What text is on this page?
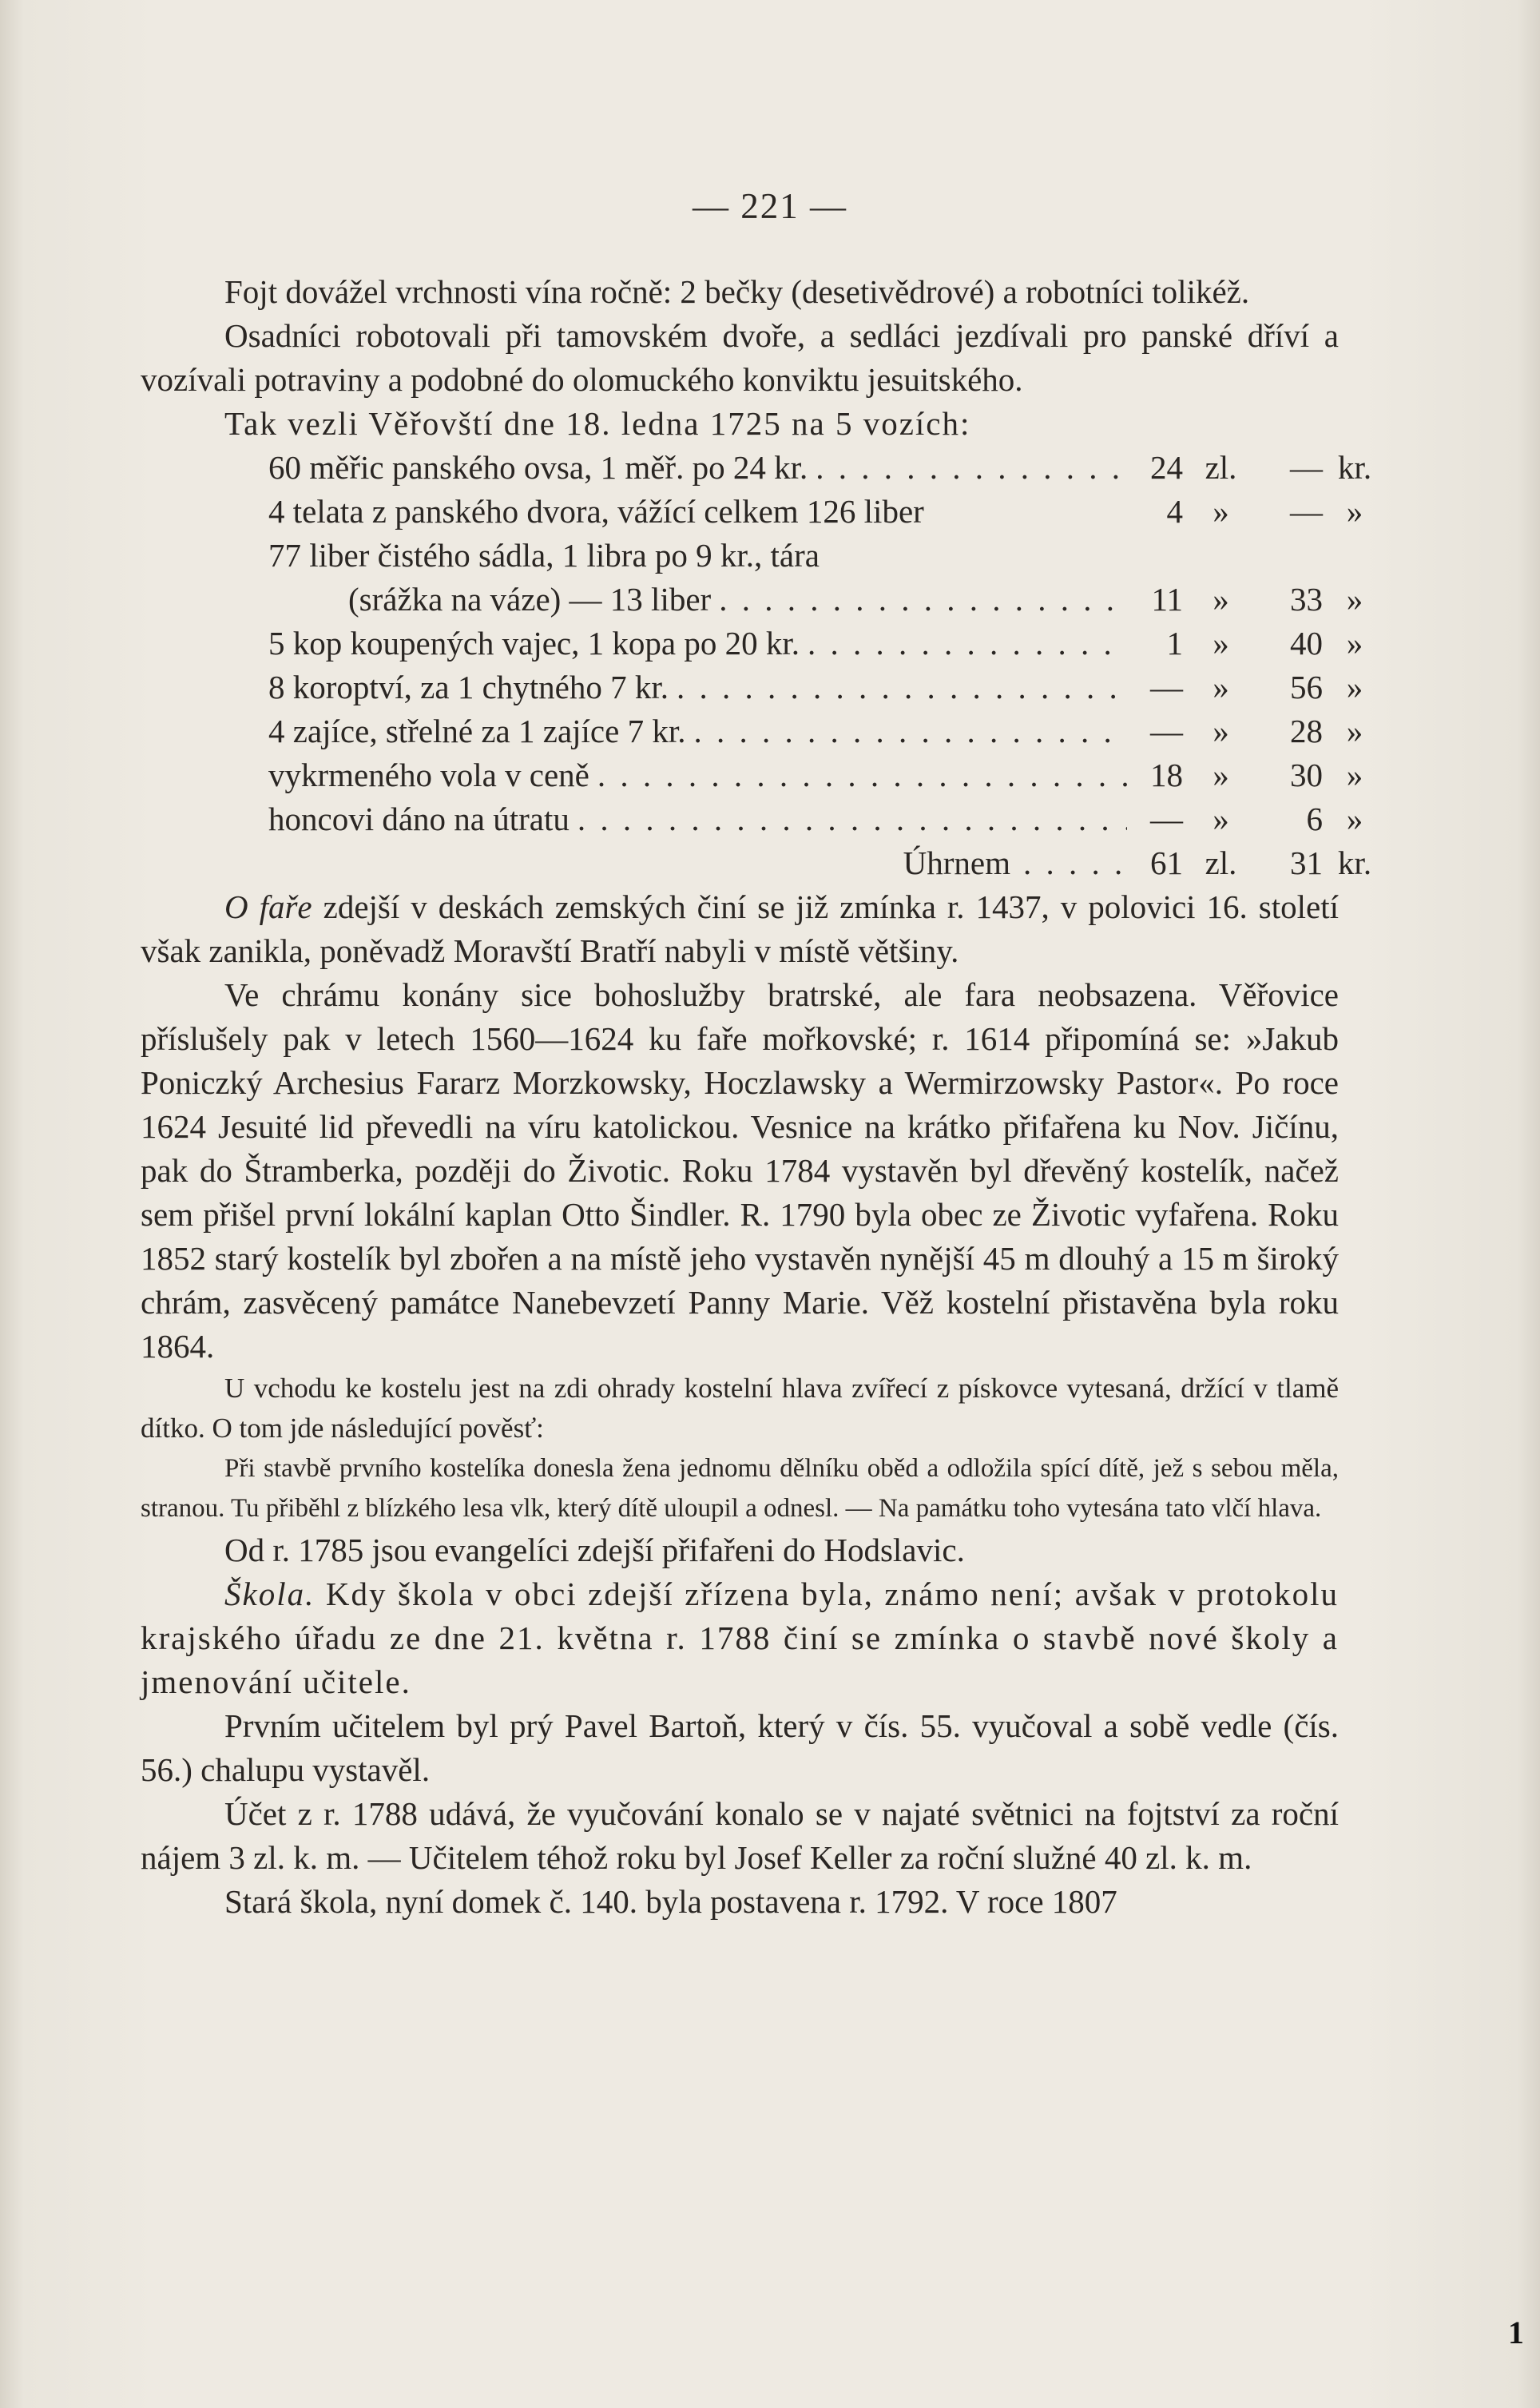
— 221 —

Fojt dovážel vrchnosti vína ročně: 2 bečky (desetivědrové) a robotníci tolikéž.

Osadníci robotovali při tamovském dvoře, a sedláci jezdívali pro panské dříví a vozívali potraviny a podobné do olomuckého konviktu jesuitského.

Tak vezli Věřovští dne 18. ledna 1725 na 5 vozích:

60 měřic panského ovsa, 1 měř. po 24 kr. . . .	24 zl.	— kr.
4 telata z panského dvora, vážící celkem 126 liber	4 »	— »
77 liber čistého sádla, 1 libra po 9 kr., tára
(srážka na váze) — 13 liber . . .	11 »	33 »
5 kop koupených vajec, 1 kopa po 20 kr. . . .	1 »	40 »
8 koroptví, za 1 chytného 7 kr. . . .	— »	56 »
4 zajíce, střelné za 1 zajíce 7 kr. . . .	— »	28 »
vykrmeného vola v ceně . . .	18 »	30 »
honcovi dáno na útratu . . .	— »	6 »
Úhrnem . . .	61 zl.	31 kr.

O faře zdejší v deskách zemských činí se již zmínka r. 1437, v polovici 16. století však zanikla, poněvadž Moravští Bratří nabyli v místě většiny.

Ve chrámu konány sice bohoslužby bratrské, ale fara neobsazena. Věřovice příslušely pak v letech 1560—1624 ku faře mořkovské; r. 1614 připomíná se: »Jakub Poniczký Archesius Fararz Morzkowsky, Hoczlawsky a Wermirzowsky Pastor«. Po roce 1624 Jesuité lid převedli na víru katolickou. Vesnice na krátko přifařena ku Nov. Jičínu, pak do Štramberka, později do Životic. Roku 1784 vystavěn byl dřevěný kostelík, načež sem přišel první lokální kaplan Otto Šindler. R. 1790 byla obec ze Životic vyfařena. Roku 1852 starý kostelík byl zbořen a na místě jeho vystavěn nynější 45 m dlouhý a 15 m široký chrám, zasvěcený památce Nanebevzetí Panny Marie. Věž kostelní přistavěna byla roku 1864.

U vchodu ke kostelu jest na zdi ohrady kostelní hlava zvířecí z pískovce vytesaná, držící v tlamě dítko. O tom jde následující pověsť:

Při stavbě prvního kostelíka donesla žena jednomu dělníku oběd a odložila spící dítě, jež s sebou měla, stranou. Tu přiběhl z blízkého lesa vlk, který dítě uloupil a odnesl. — Na památku toho vytesána tato vlčí hlava.

Od r. 1785 jsou evangelíci zdejší přifařeni do Hodslavic.

Škola. Kdy škola v obci zdejší zřízena byla, známo není; avšak v protokolu krajského úřadu ze dne 21. května r. 1788 činí se zmínka o stavbě nové školy a jmenování učitele.

Prvním učitelem byl prý Pavel Bartoň, který v čís. 55. vyučoval a sobě vedle (čís. 56.) chalupu vystavěl.

Účet z r. 1788 udává, že vyučování konalo se v najaté světnici na fojtství za roční nájem 3 zl. k. m. — Učitelem téhož roku byl Josef Keller za roční služné 40 zl. k. m.

Stará škola, nyní domek č. 140. byla postavena r. 1792. V roce 1807

1
